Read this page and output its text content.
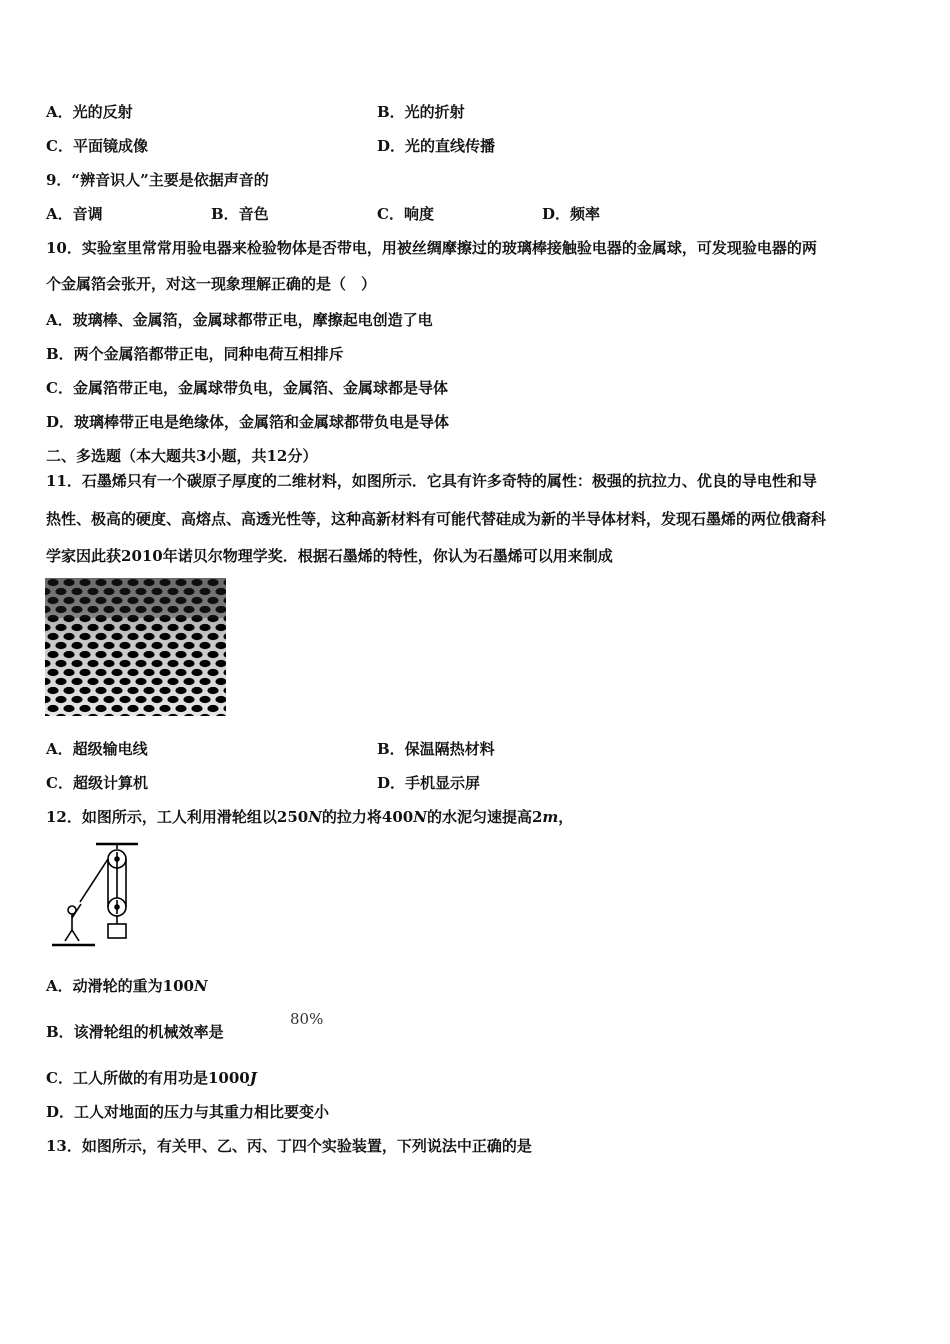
A．光的反射	B．光的折射
C．平面镜成像	D．光的直线传播
9．“辨音识人”主要是依据声音的
A．音调	B．音色	C．响度	D．频率
10．实验室里常常用验电器来检验物体是否带电，用被丝绸摩擦过的玻璃棒接触验电器的金属球，可发现验电器的两
个金属箔会张开，对这一现象理解正确的是（　）
A．玻璃棒、金属箔，金属球都带正电，摩擦起电创造了电
B．两个金属箔都带正电，同种电荷互相排斥
C．金属箔带正电，金属球带负电，金属箔、金属球都是导体
D．玻璃棒带正电是绝缘体，金属箔和金属球都带负电是导体
二、多选题（本大题共3小题，共12分）
11．石墨烯只有一个碳原子厚度的二维材料，如图所示．它具有许多奇特的属性：极强的抗拉力、优良的导电性和导
热性、极高的硬度、高熔点、高透光性等，这种高新材料有可能代替硅成为新的半导体材料，发现石墨烯的两位俄裔科
学家因此获2010年诺贝尔物理学奖．根据石墨烯的特性，你认为石墨烯可以用来制成
A．超级输电线	B．保温隔热材料
C．超级计算机	D．手机显示屏
12．如图所示，工人利用滑轮组以250N的拉力将400N的水泥匀速提高2m，
A．动滑轮的重为100N
B．该滑轮组的机械效率是
80%
C．工人所做的有用功是1000J
D．工人对地面的压力与其重力相比要变小
13．如图所示，有关甲、乙、丙、丁四个实验装置，下列说法中正确的是
